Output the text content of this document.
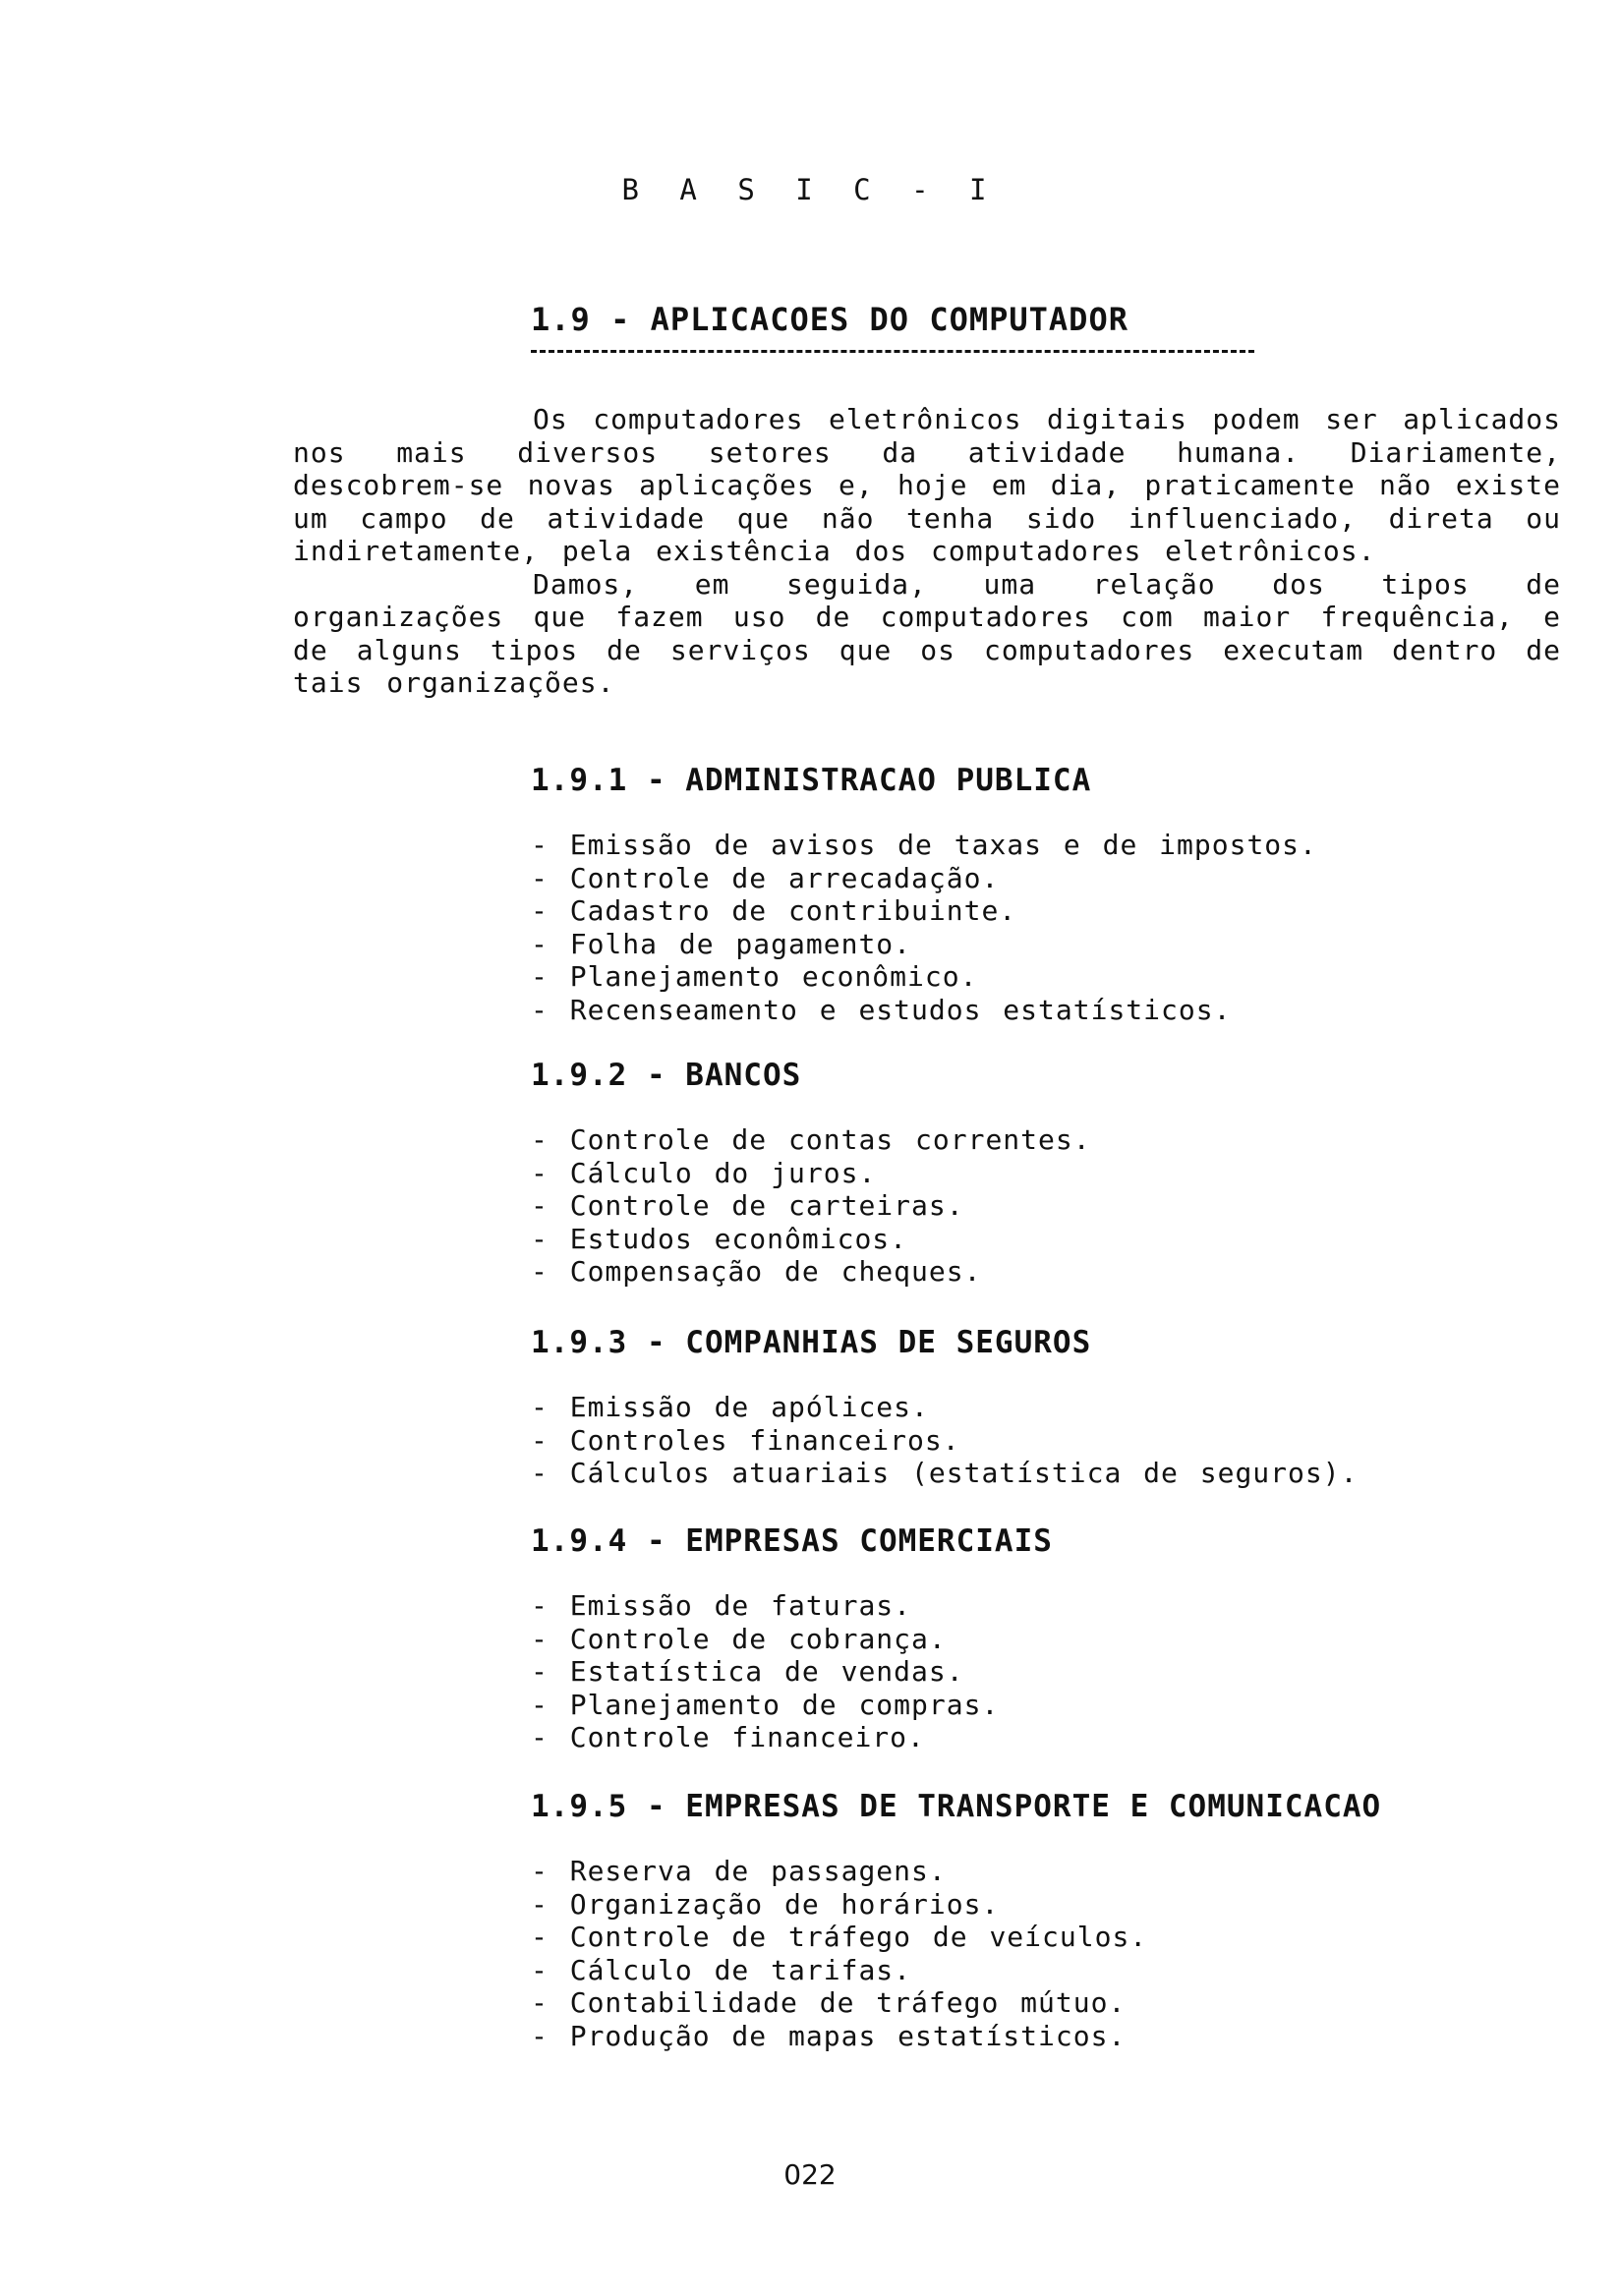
B A S I C - I
1.9 - APLICACOES DO COMPUTADOR

Os computadores eletrônicos digitais podem ser aplicados nos mais diversos setores da atividade humana. Diariamente, descobrem-se novas aplicações e, hoje em dia, praticamente não existe um campo de atividade que não tenha sido influenciado, direta ou indiretamente, pela existência dos computadores eletrônicos.

Damos, em seguida, uma relação dos tipos de organizações que fazem uso de computadores com maior frequência, e de alguns tipos de serviços que os computadores executam dentro de tais organizações.

1.9.1 - ADMINISTRACAO PUBLICA
- Emissão de avisos de taxas e de impostos.
- Controle de arrecadação.
- Cadastro de contribuinte.
- Folha de pagamento.
- Planejamento econômico.
- Recenseamento e estudos estatísticos.
1.9.2 - BANCOS
- Controle de contas correntes.
- Cálculo do juros.
- Controle de carteiras.
- Estudos econômicos.
- Compensação de cheques.
1.9.3 - COMPANHIAS DE SEGUROS
- Emissão de apólices.
- Controles financeiros.
- Cálculos atuariais (estatística de seguros).
1.9.4 - EMPRESAS COMERCIAIS
- Emissão de faturas.
- Controle de cobrança.
- Estatística de vendas.
- Planejamento de compras.
- Controle financeiro.
1.9.5 - EMPRESAS DE TRANSPORTE E COMUNICACAO
- Reserva de passagens.
- Organização de horários.
- Controle de tráfego de veículos.
- Cálculo de tarifas.
- Contabilidade de tráfego mútuo.
- Produção de mapas estatísticos.
022
